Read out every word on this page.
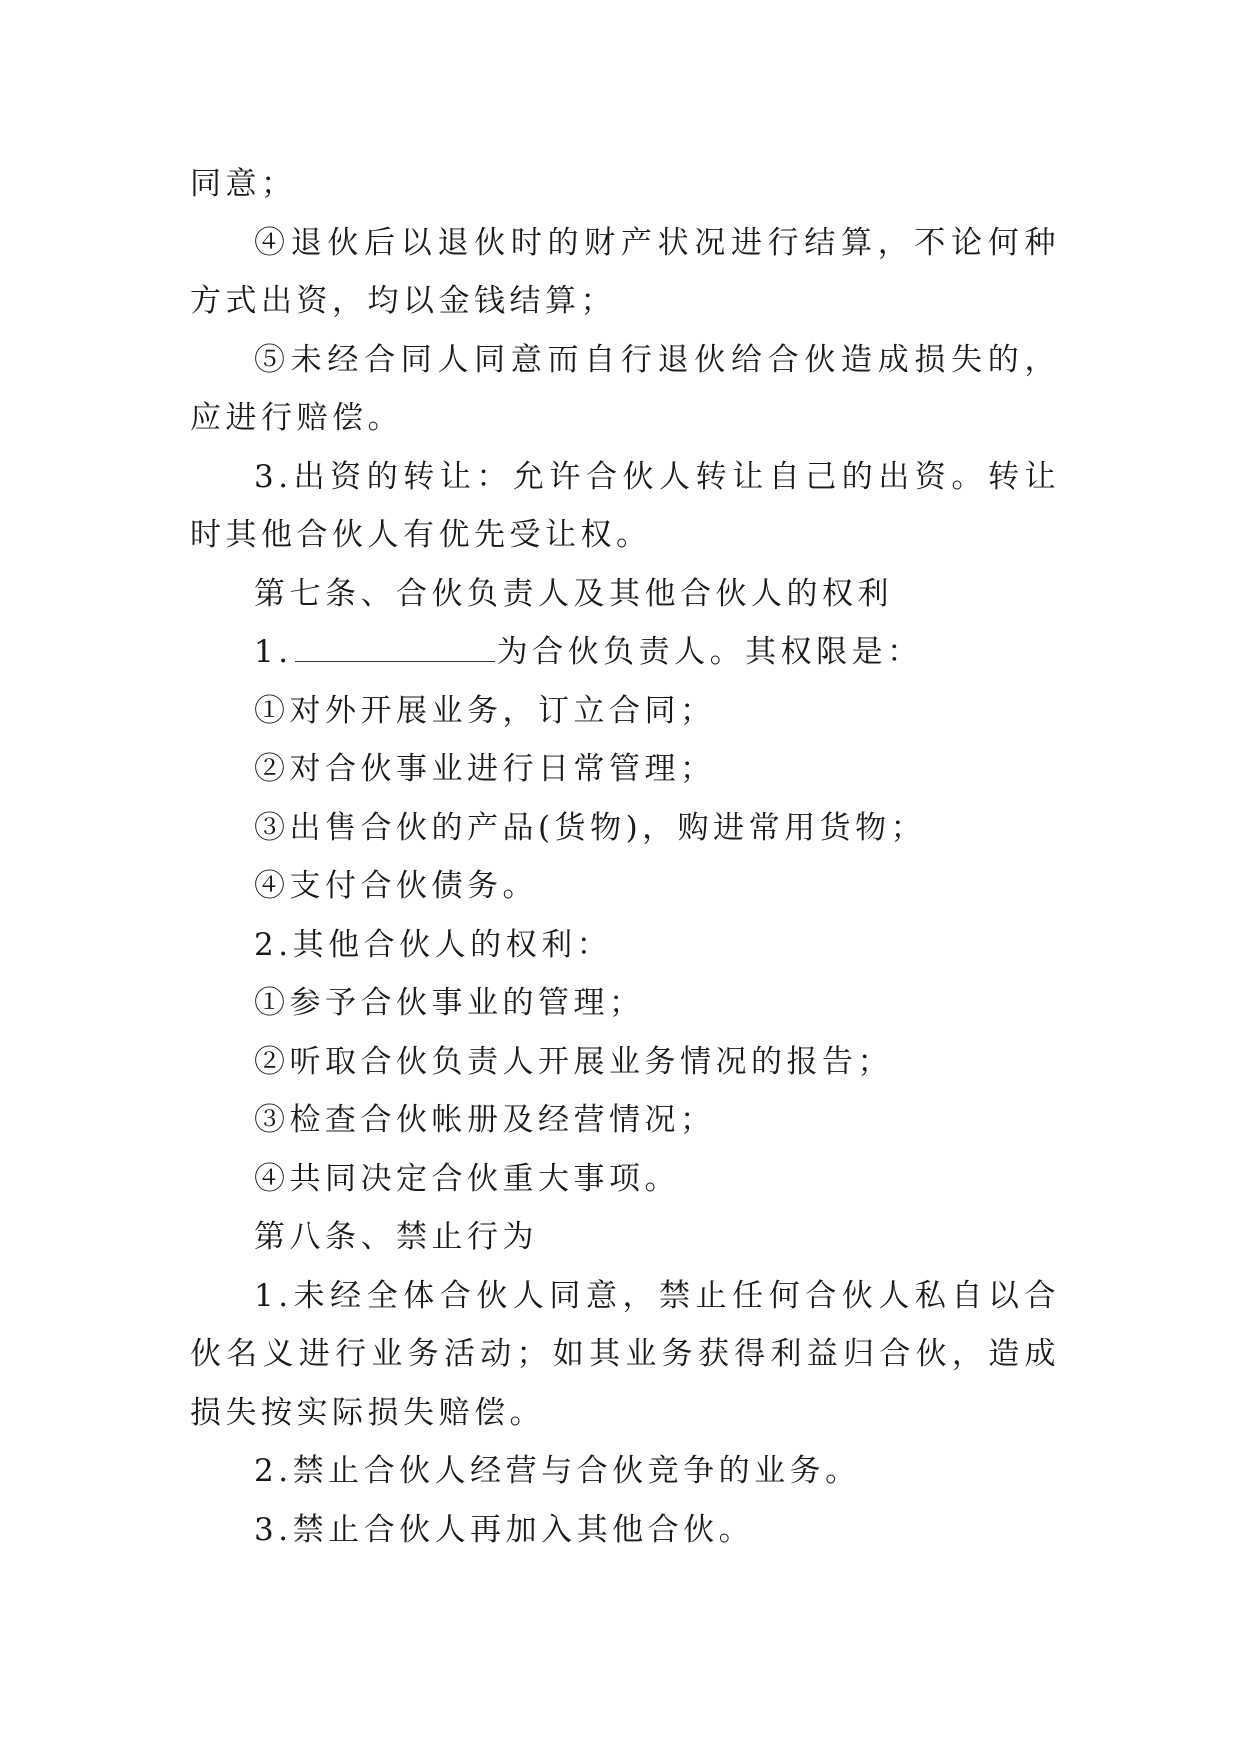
同意；

④退伙后以退伙时的财产状况进行结算，不论何种方式出资，均以金钱结算；

⑤未经合同人同意而自行退伙给合伙造成损失的，应进行赔偿。

3.出资的转让：允许合伙人转让自己的出资。转让时其他合伙人有优先受让权。

第七条、合伙负责人及其他合伙人的权利

1.	为合伙负责人。其权限是：

①对外开展业务，订立合同；

②对合伙事业进行日常管理；

③出售合伙的产品(货物)，购进常用货物；

④支付合伙债务。

2.其他合伙人的权利：

①参予合伙事业的管理；

②听取合伙负责人开展业务情况的报告；

③检查合伙帐册及经营情况；

④共同决定合伙重大事项。

第八条、禁止行为

1.未经全体合伙人同意，禁止任何合伙人私自以合伙名义进行业务活动；如其业务获得利益归合伙，造成损失按实际损失赔偿。

2.禁止合伙人经营与合伙竞争的业务。

3.禁止合伙人再加入其他合伙。
